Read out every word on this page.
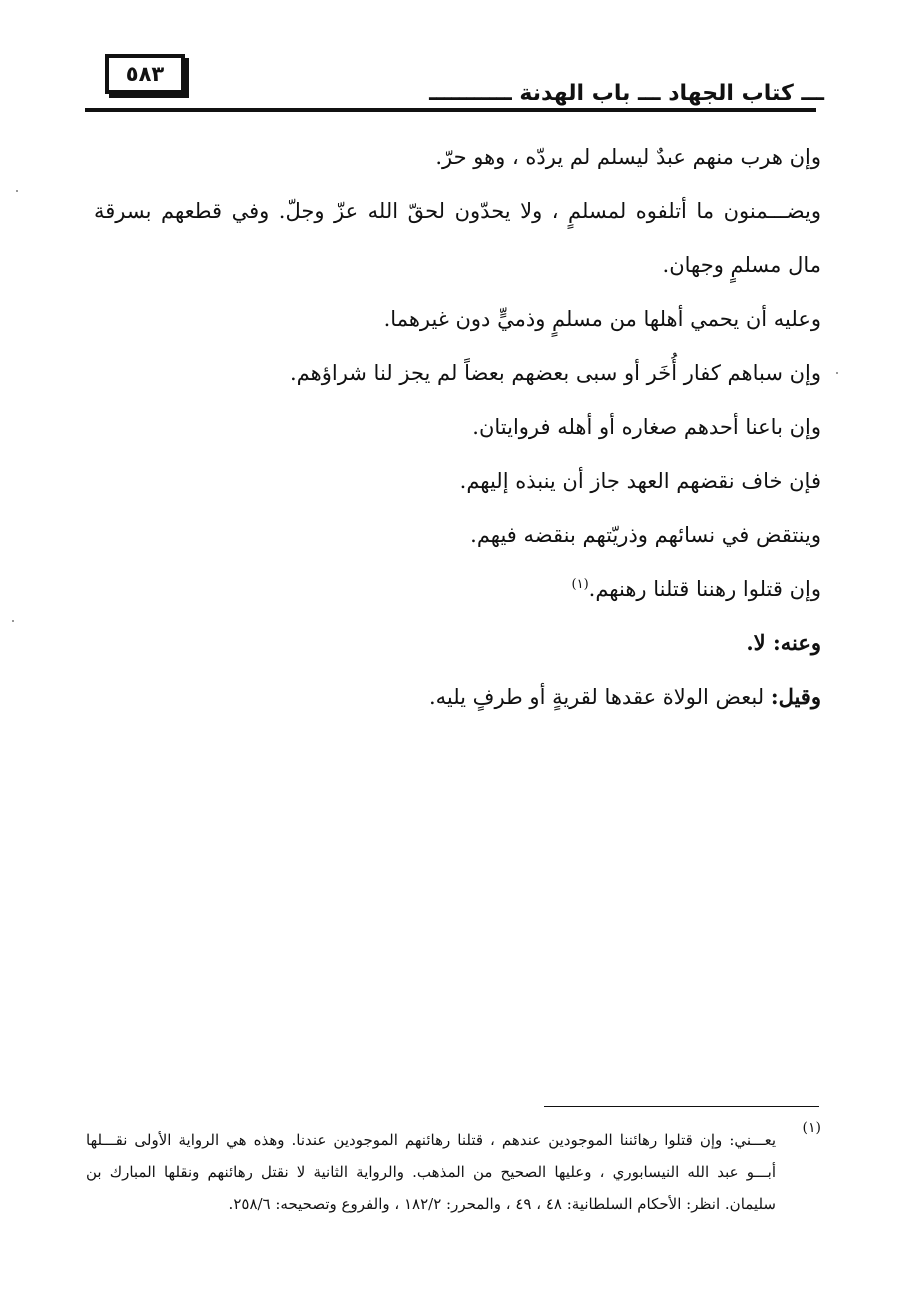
٥٨٣
ـــ كتاب الجهاد ـــ باب الهدنة ـــــــــــ
وإن هرب منهم عبدٌ ليسلم لم يردّه ، وهو حرّ.
ويضـــمنون ما أتلفوه لمسلمٍ ، ولا يحدّون لحقّ الله عزّ وجلّ. وفي قطعهم بسرقة مال مسلمٍ وجهان.
وعليه أن يحمي أهلها من مسلمٍ وذميٍّ دون غيرهما.
وإن سباهم كفار أُخَر أو سبى بعضهم بعضاً لم يجز لنا شراؤهم.
وإن باعنا أحدهم صغاره أو أهله فروايتان.
فإن خاف نقضهم العهد جاز أن ينبذه إليهم.
وينتقض في نسائهم وذريّتهم بنقضه فيهم.
وإن قتلوا رهننا قتلنا رهنهم.$^{(١)}$
وعنه: لا.
وقيل: لبعض الولاة عقدها لقريةٍ أو طرفٍ يليه.
(١)

يعـــني: وإن قتلوا رهائننا الموجودين عندهم ، قتلنا رهائنهم الموجودين عندنا. وهذه هي الرواية الأولى نقـــلها أبـــو عبد الله النيسابوري ، وعليها الصحيح من المذهب. والرواية الثانية لا نقتل رهائنهم ونقلها المبارك بن سليمان. انظر: الأحكام السلطانية: ٤٨ ، ٤٩ ، والمحرر: ١٨٢/٢ ، والفروع وتصحيحه: ٢٥٨/٦.
